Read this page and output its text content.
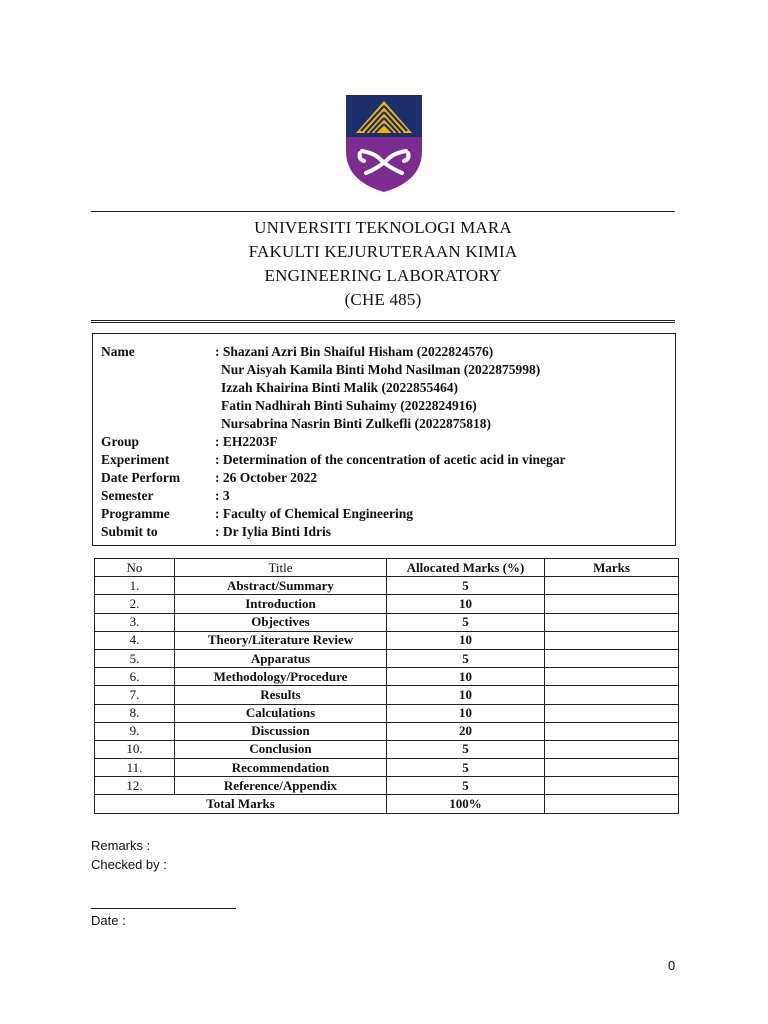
UNIVERSITI TEKNOLOGI MARA
FAKULTI KEJURUTERAAN KIMIA
ENGINEERING LABORATORY
(CHE 485)
Name	: Shazani Azri Bin Shaiful Hisham (2022824576)
Nur Aisyah Kamila Binti Mohd Nasilman (2022875998)
Izzah Khairina Binti Malik (2022855464)
Fatin Nadhirah Binti Suhaimy (2022824916)
Nursabrina Nasrin Binti Zulkefli (2022875818)
Group	: EH2203F
Experiment	: Determination of the concentration of acetic acid in vinegar
Date Perform	: 26 October 2022
Semester	: 3
Programme	: Faculty of Chemical Engineering
Submit to	: Dr Iylia Binti Idris
No	Title	Allocated Marks (%)	Marks
1.	Abstract/Summary	5	
2.	Introduction	10	
3.	Objectives	5	
4.	Theory/Literature Review	10	
5.	Apparatus	5	
6.	Methodology/Procedure	10	
7.	Results	10	
8.	Calculations	10	
9.	Discussion	20	
10.	Conclusion	5	
11.	Recommendation	5	
12.	Reference/Appendix	5	
Total Marks		100%	
Remarks :
Checked by :
Date :
0
